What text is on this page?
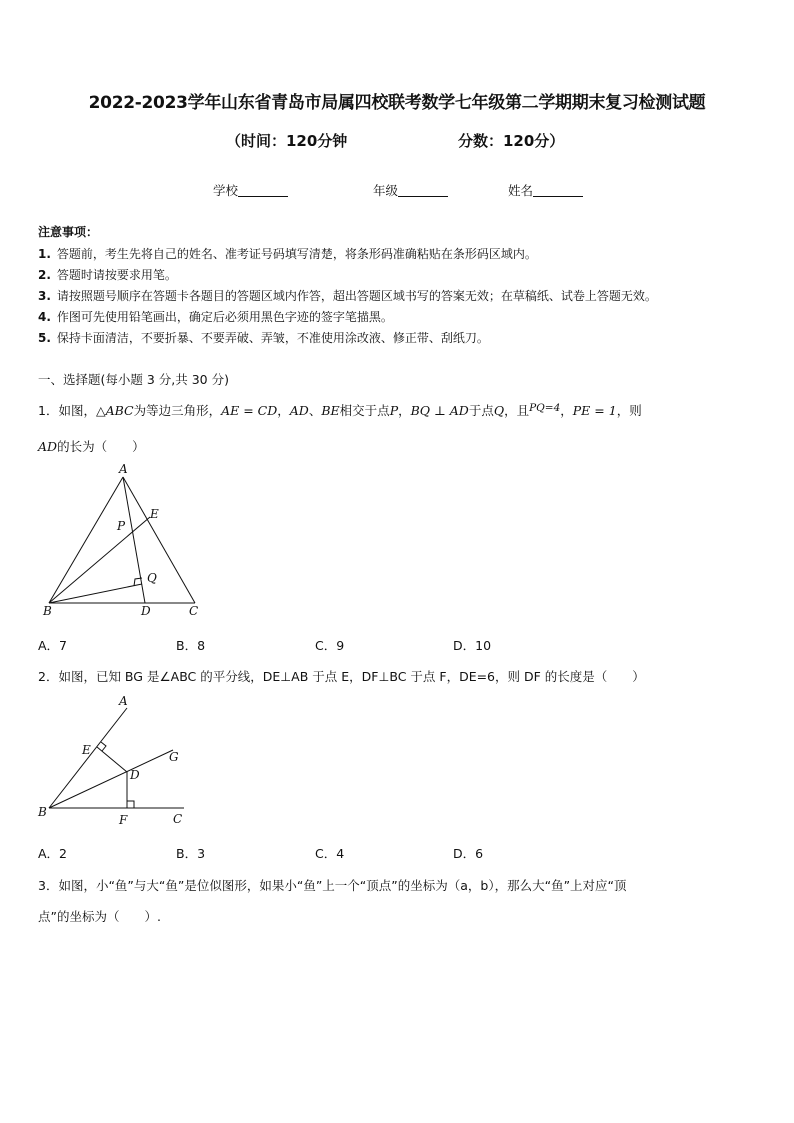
2022-2023学年山东省青岛市局属四校联考数学七年级第二学期期末复习检测试题
（时间：120分钟	分数：120分）
学校	年级	姓名
注意事项：
1. 答题前，考生先将自己的姓名、准考证号码填写清楚，将条形码准确粘贴在条形码区域内。
2. 答题时请按要求用笔。
3. 请按照题号顺序在答题卡各题目的答题区域内作答，超出答题区域书写的答案无效；在草稿纸、试卷上答题无效。
4. 作图可先使用铅笔画出，确定后必须用黑色字迹的签字笔描黑。
5. 保持卡面清洁，不要折暴、不要弄破、弄皱，不准使用涂改液、修正带、刮纸刀。
一、选择题(每小题 3 分,共 30 分)
1．如图，△ABC为等边三角形，AE = CD，AD、BE相交于点P，BQ ⊥ AD于点Q，且$^{PQ=4}$，PE = 1，则
AD的长为（　　）
A
B	C
D
E
P
Q
A．7	B．8	C．9	D．10
2．如图，已知 BG 是∠ABC 的平分线，DE⊥AB 于点 E，DF⊥BC 于点 F，DE=6，则 DF 的长度是（　　）
A
B	C
D
E
F
G
A．2	B．3	C．4	D．6
3．如图，小“鱼”与大“鱼”是位似图形，如果小“鱼”上一个“顶点”的坐标为（a，b），那么大“鱼”上对应“顶
点”的坐标为（　　）.
